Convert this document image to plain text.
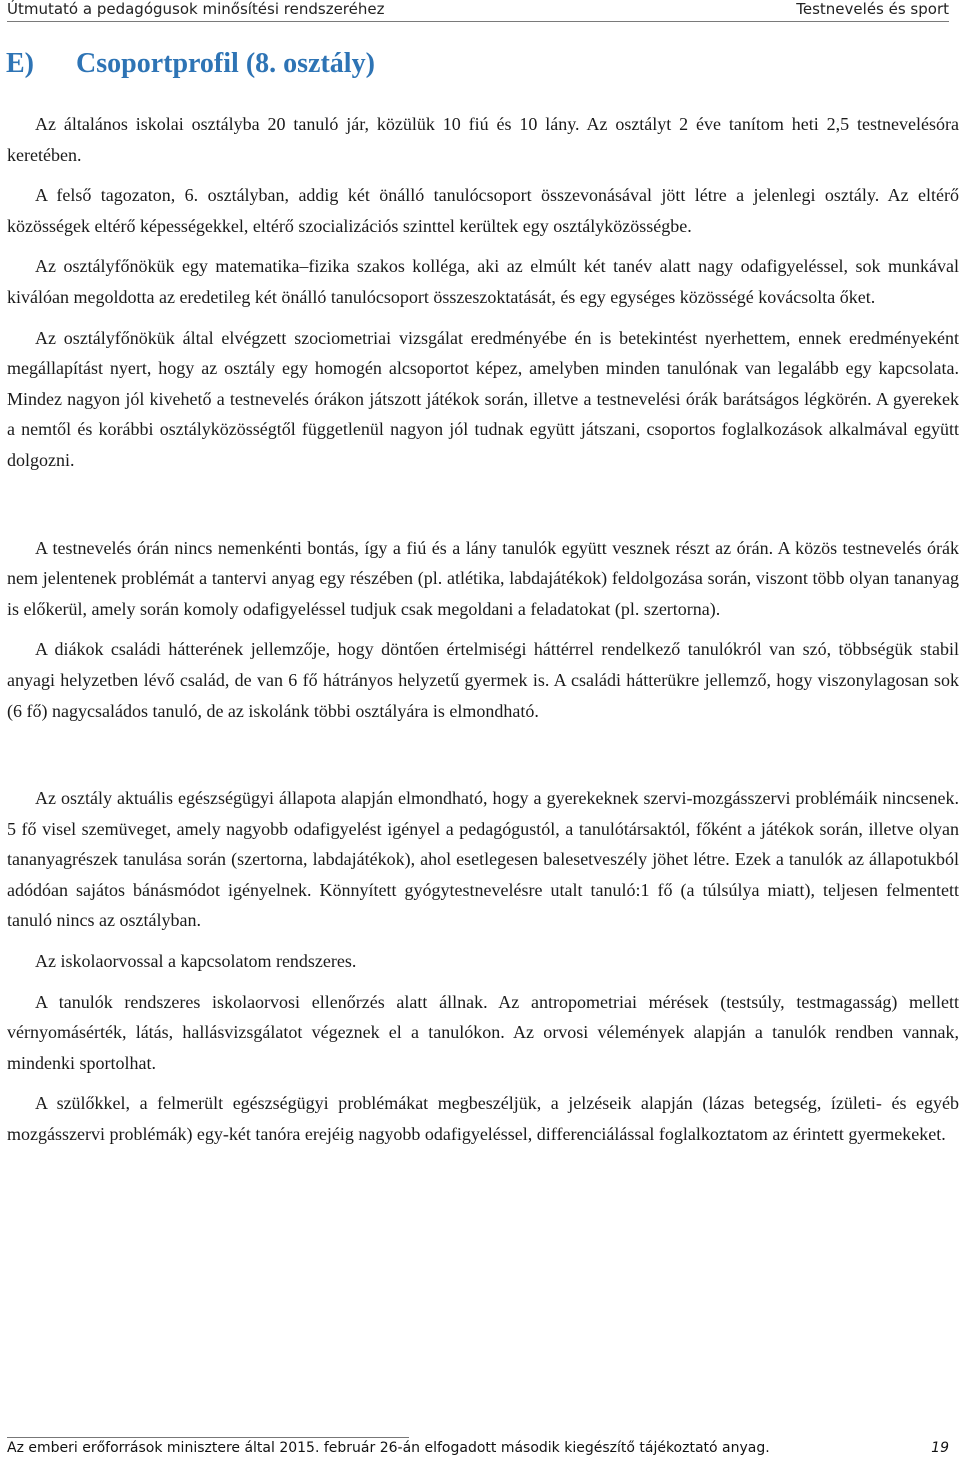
Útmutató a pedagógusok minősítési rendszeréhez	Testnevelés és sport
E) Csoportprofil (8. osztály)

Az általános iskolai osztályba 20 tanuló jár, közülük 10 fiú és 10 lány. Az osztályt 2 éve tanítom heti 2,5 testnevelésóra keretében.

A felső tagozaton, 6. osztályban, addig két önálló tanulócsoport összevonásával jött létre a jelenlegi osztály. Az eltérő közösségek eltérő képességekkel, eltérő szocializációs szinttel kerültek egy osztályközösségbe.

Az osztályfőnökük egy matematika–fizika szakos kolléga, aki az elmúlt két tanév alatt nagy odafigyeléssel, sok munkával kiválóan megoldotta az eredetileg két önálló tanulócsoport összeszoktatását, és egy egységes közösségé kovácsolta őket.

Az osztályfőnökük által elvégzett szociometriai vizsgálat eredményébe én is betekintést nyerhettem, ennek eredményeként megállapítást nyert, hogy az osztály egy homogén alcsoportot képez, amelyben minden tanulónak van legalább egy kapcsolata. Mindez nagyon jól kivehető a testnevelés órákon játszott játékok során, illetve a testnevelési órák barátságos légkörén. A gyerekek a nemtől és korábbi osztályközösségtől függetlenül nagyon jól tudnak együtt játszani, csoportos foglalkozások alkalmával együtt dolgozni.

A testnevelés órán nincs nemenkénti bontás, így a fiú és a lány tanulók együtt vesznek részt az órán. A közös testnevelés órák nem jelentenek problémát a tantervi anyag egy részében (pl. atlétika, labdajátékok) feldolgozása során, viszont több olyan tananyag is előkerül, amely során komoly odafigyeléssel tudjuk csak megoldani a feladatokat (pl. szertorna).

A diákok családi hátterének jellemzője, hogy döntően értelmiségi háttérrel rendelkező tanulókról van szó, többségük stabil anyagi helyzetben lévő család, de van 6 fő hátrányos helyzetű gyermek is. A családi hátterükre jellemző, hogy viszonylagosan sok (6 fő) nagycsaládos tanuló, de az iskolánk többi osztályára is elmondható.

Az osztály aktuális egészségügyi állapota alapján elmondható, hogy a gyerekeknek szervi-mozgásszervi problémáik nincsenek. 5 fő visel szemüveget, amely nagyobb odafigyelést igényel a pedagógustól, a tanulótársaktól, főként a játékok során, illetve olyan tananyagrészek tanulása során (szertorna, labdajátékok), ahol esetlegesen balesetveszély jöhet létre. Ezek a tanulók az állapotukból adódóan sajátos bánásmódot igényelnek. Könnyített gyógytestnevelésre utalt tanuló:1 fő (a túlsúlya miatt), teljesen felmentett tanuló nincs az osztályban.

Az iskolaorvossal a kapcsolatom rendszeres.

A tanulók rendszeres iskolaorvosi ellenőrzés alatt állnak. Az antropometriai mérések (testsúly, testmagasság) mellett vérnyomásérték, látás, hallásvizsgálatot végeznek el a tanulókon. Az orvosi vélemények alapján a tanulók rendben vannak, mindenki sportolhat.

A szülőkkel, a felmerült egészségügyi problémákat megbeszéljük, a jelzéseik alapján (lázas betegség, ízületi- és egyéb mozgásszervi problémák) egy-két tanóra erejéig nagyobb odafigyeléssel, differenciálással foglalkoztatom az érintett gyermekeket.

Az emberi erőforrások minisztere által 2015. február 26-án elfogadott második kiegészítő tájékoztató anyag.	19
